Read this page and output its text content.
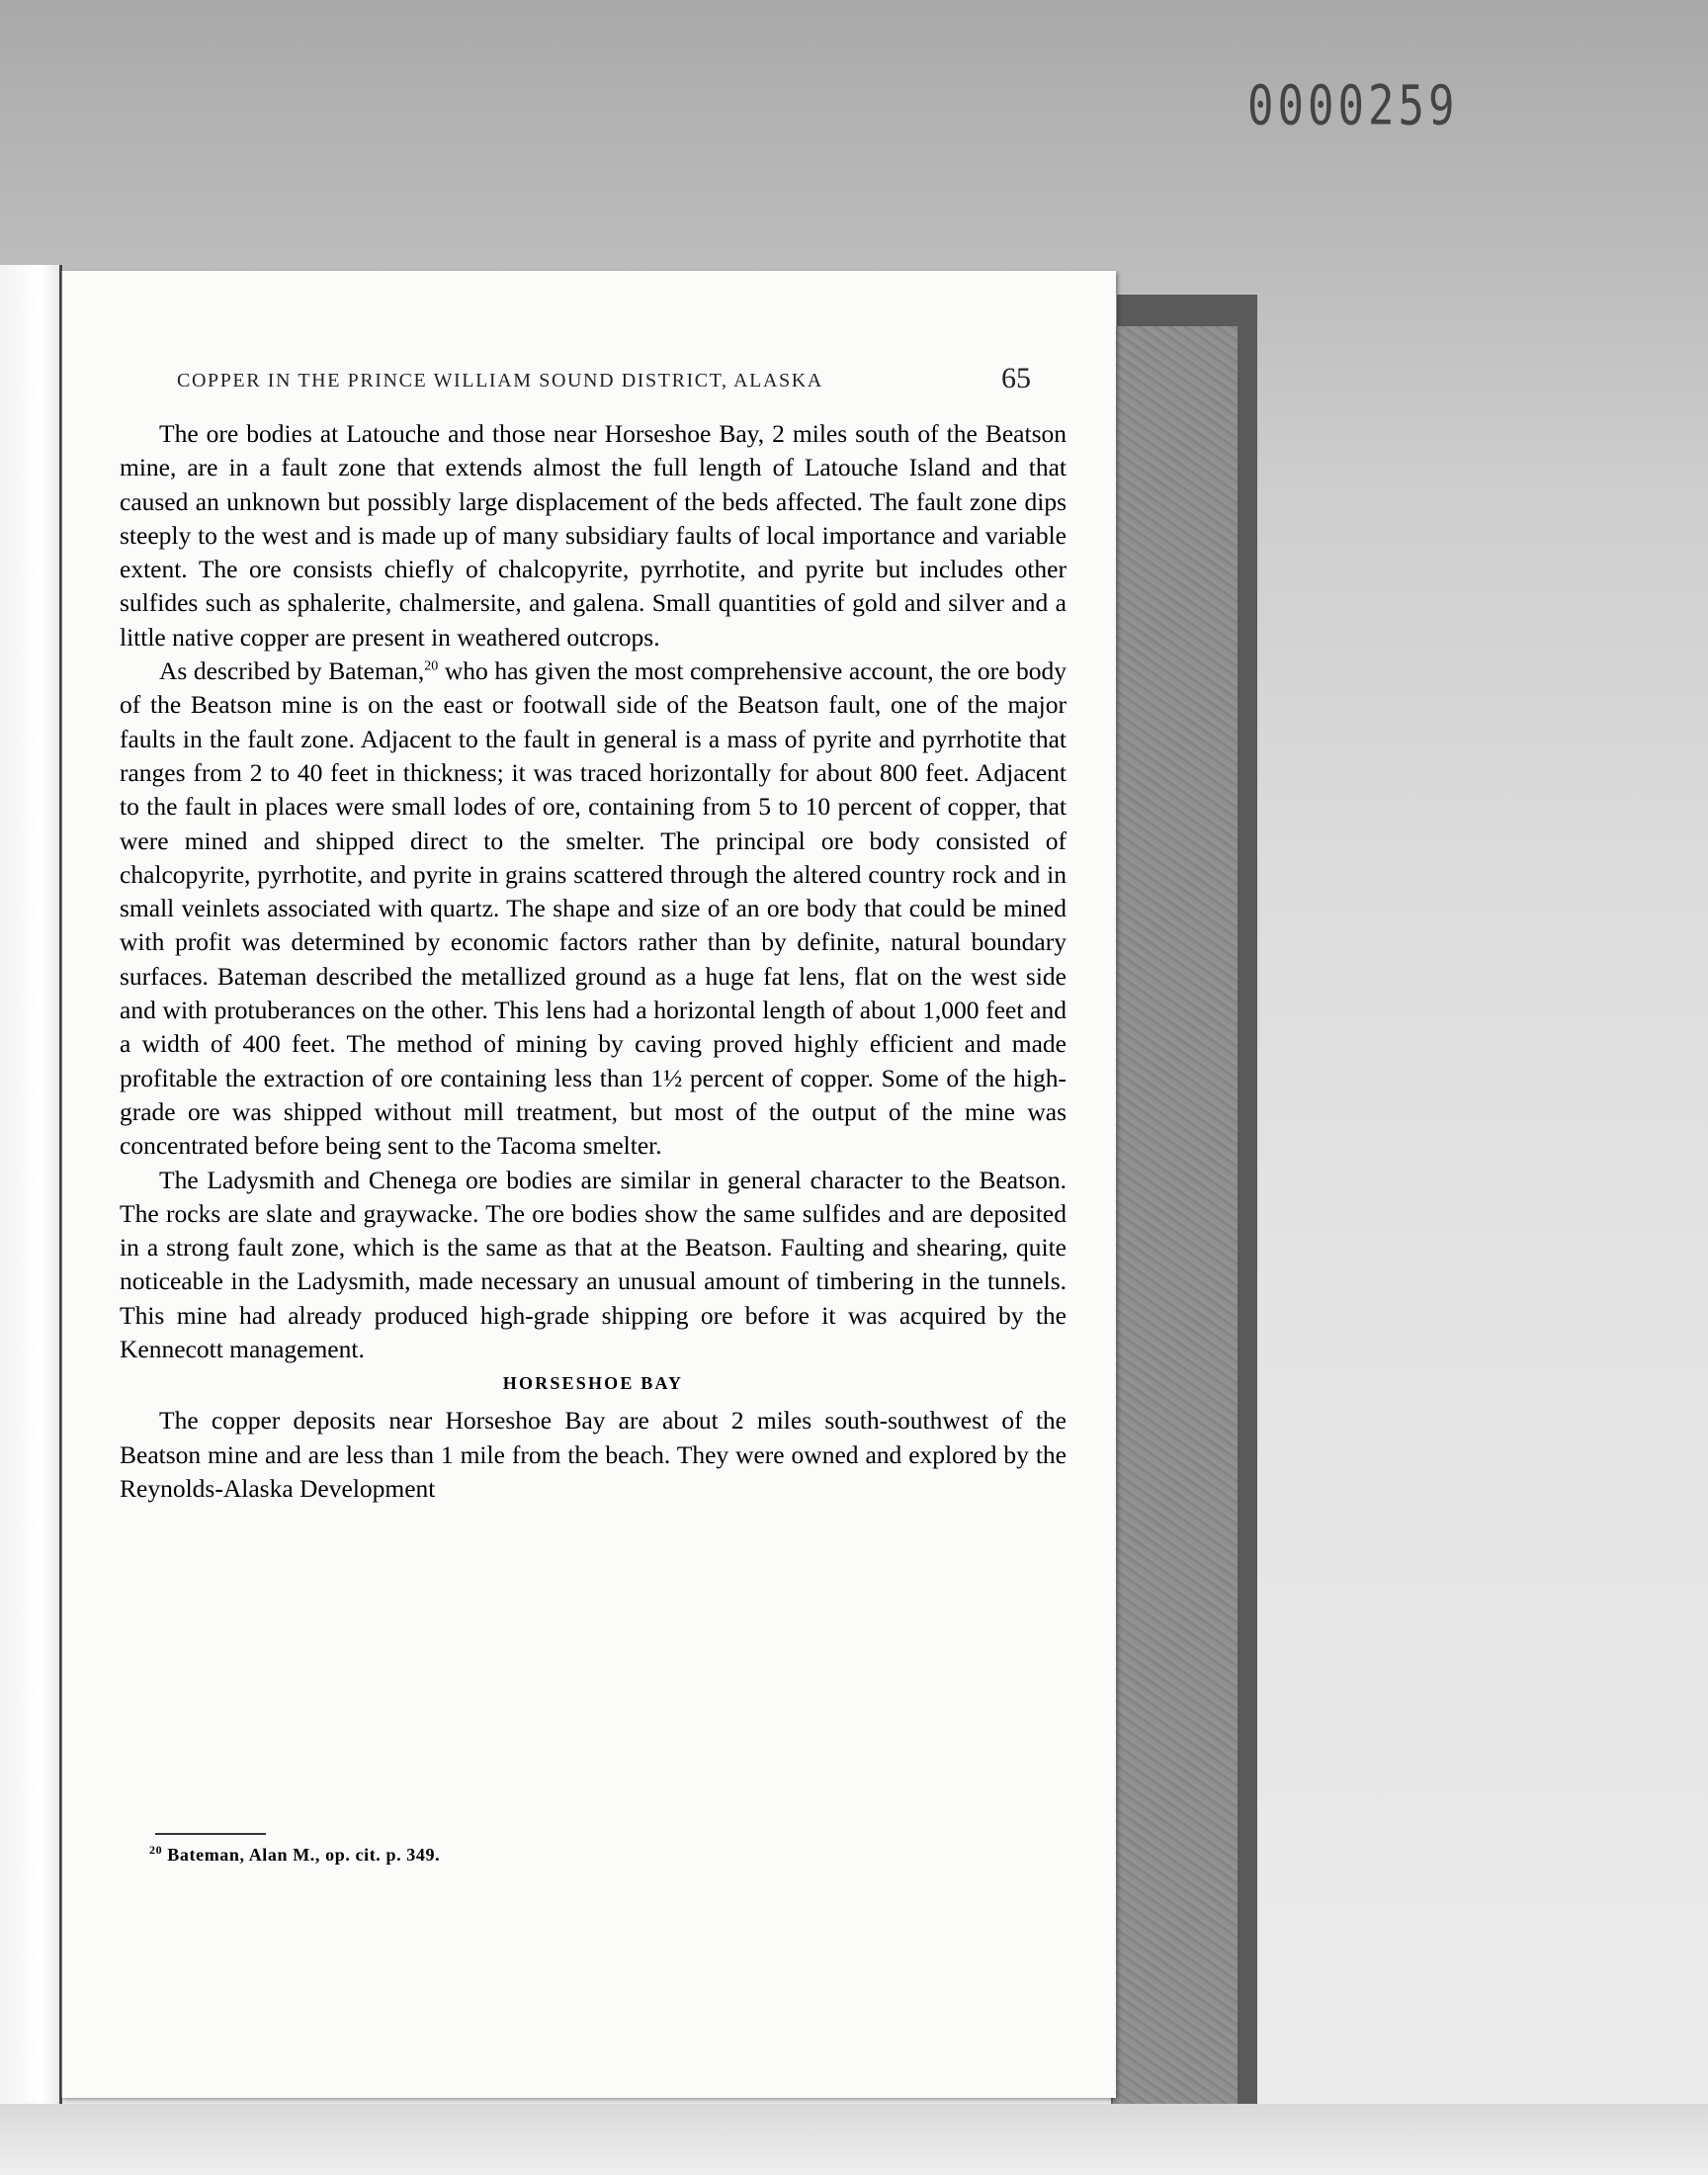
0000259
COPPER IN THE PRINCE WILLIAM SOUND DISTRICT, ALASKA	65

The ore bodies at Latouche and those near Horseshoe Bay, 2 miles south of the Beatson mine, are in a fault zone that extends almost the full length of Latouche Island and that caused an unknown but possibly large displacement of the beds affected. The fault zone dips steeply to the west and is made up of many subsidiary faults of local importance and variable extent. The ore consists chiefly of chalcopyrite, pyrrhotite, and pyrite but includes other sulfides such as sphalerite, chalmersite, and galena. Small quantities of gold and silver and a little native copper are present in weathered outcrops.

As described by Bateman,$^{20}$ who has given the most comprehensive account, the ore body of the Beatson mine is on the east or footwall side of the Beatson fault, one of the major faults in the fault zone. Adjacent to the fault in general is a mass of pyrite and pyrrhotite that ranges from 2 to 40 feet in thickness; it was traced horizontally for about 800 feet. Adjacent to the fault in places were small lodes of ore, containing from 5 to 10 percent of copper, that were mined and shipped direct to the smelter. The principal ore body consisted of chalcopyrite, pyrrhotite, and pyrite in grains scattered through the altered country rock and in small veinlets associated with quartz. The shape and size of an ore body that could be mined with profit was determined by economic factors rather than by definite, natural boundary surfaces. Bateman described the metallized ground as a huge fat lens, flat on the west side and with protuberances on the other. This lens had a horizontal length of about 1,000 feet and a width of 400 feet. The method of mining by caving proved highly efficient and made profitable the extraction of ore containing less than 1½ percent of copper. Some of the high-grade ore was shipped without mill treatment, but most of the output of the mine was concentrated before being sent to the Tacoma smelter.

The Ladysmith and Chenega ore bodies are similar in general character to the Beatson. The rocks are slate and graywacke. The ore bodies show the same sulfides and are deposited in a strong fault zone, which is the same as that at the Beatson. Faulting and shearing, quite noticeable in the Ladysmith, made necessary an unusual amount of timbering in the tunnels. This mine had already produced high-grade shipping ore before it was acquired by the Kennecott management.

HORSESHOE BAY

The copper deposits near Horseshoe Bay are about 2 miles south-southwest of the Beatson mine and are less than 1 mile from the beach. They were owned and explored by the Reynolds-Alaska Development

$^{20}$ Bateman, Alan M., op. cit. p. 349.
